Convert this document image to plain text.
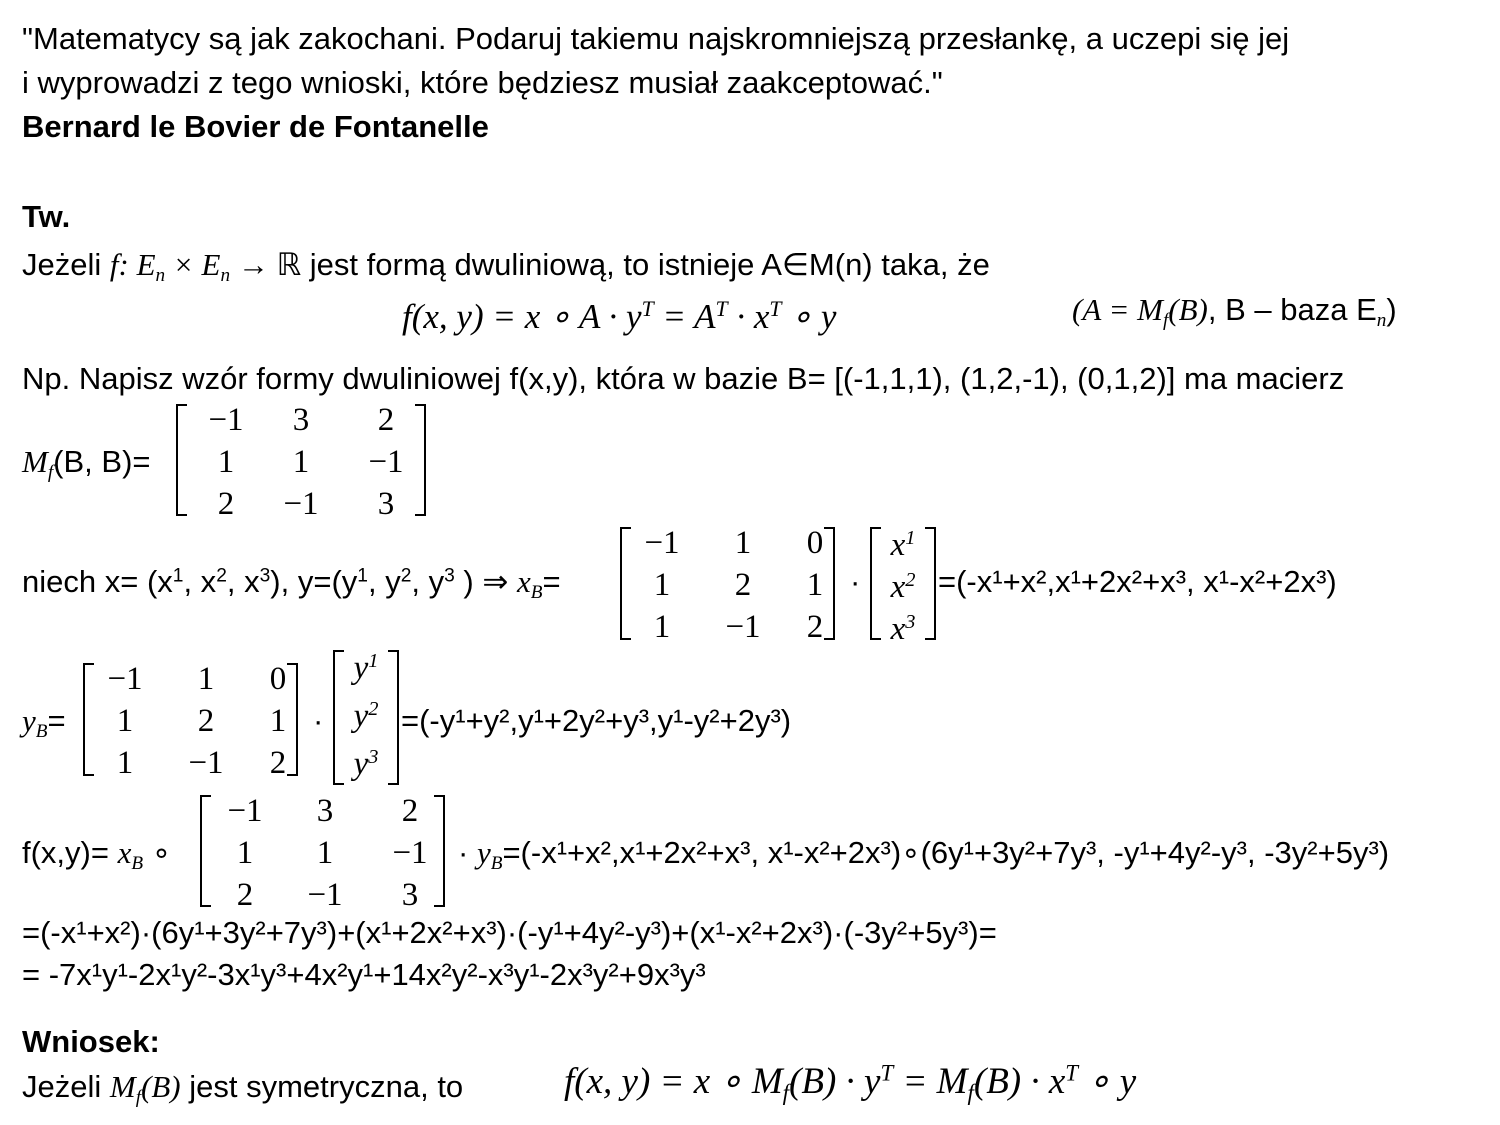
"Matematycy są jak zakochani. Podaruj takiemu najskromniejszą przesłankę, a uczepi się jej
i wyprowadzi z tego wnioski, które będziesz musiał zaakceptować."
Bernard le Bovier de Fontanelle
Tw.
Jeżeli f: $E_n \times E_n$ → ℝ jest formą dwuliniową, to istnieje A∈M(n) taka, że
f(x, y) = x ∘ $A \cdot y^T = A^T \cdot x^T$ ∘ y	($A = M_f(B)$, B – baza $E_n$)
Np. Napisz wzór formy dwuliniowej f(x,y), która w bazie B= [(-1,1,1), (1,2,-1), (0,1,2)] ma macierz
$M_f(B$, B)=
−1 3 2
1 1 −1
2 −1 3
niech $x= (x^1$, $x^2$, $x^3$), $y=(y^1$, $y^2$, $y^3$ ) ⇒ $x_B=$
−1 1 0
1 2 1
1 −1 2
·
$x^1$
$x^2$
$x^3$
=(-x¹+x²,x¹+2x²+x³, x¹-x²+2x³)
$y_B=$
−1 1 0
1 2 1
1 −1 2
·
$y^1$
$y^2$
$y^3$
=(-y¹+y²,y¹+2y²+y³,y¹-y²+2y³)
$f(x,y)= x_B$ ∘
−1 3 2
1 1 −1
2 −1 3
· $y_B=(-x^1+x^2,x^1+2x^2+x^3$, x¹-x²+2x³)∘(6y¹+3y²+7y³, -y¹+4y²-y³, -3y²+5y³)
=(-x¹+x²)·(6y¹+3y²+7y³)+(x¹+2x²+x³)·(-y¹+4y²-y³)+(x¹-x²+2x³)·(-3y²+5y³)=
= -7x¹y¹-2x¹y²-3x¹y³+4x²y¹+14x²y²-x³y¹-2x³y²+9x³y³
Wniosek:
Jeżeli $M_f(B)$ jest symetryczna, to	f(x, y) = x ∘ $M_f(B) \cdot y^T = M_f(B) \cdot x^T$ ∘ y
